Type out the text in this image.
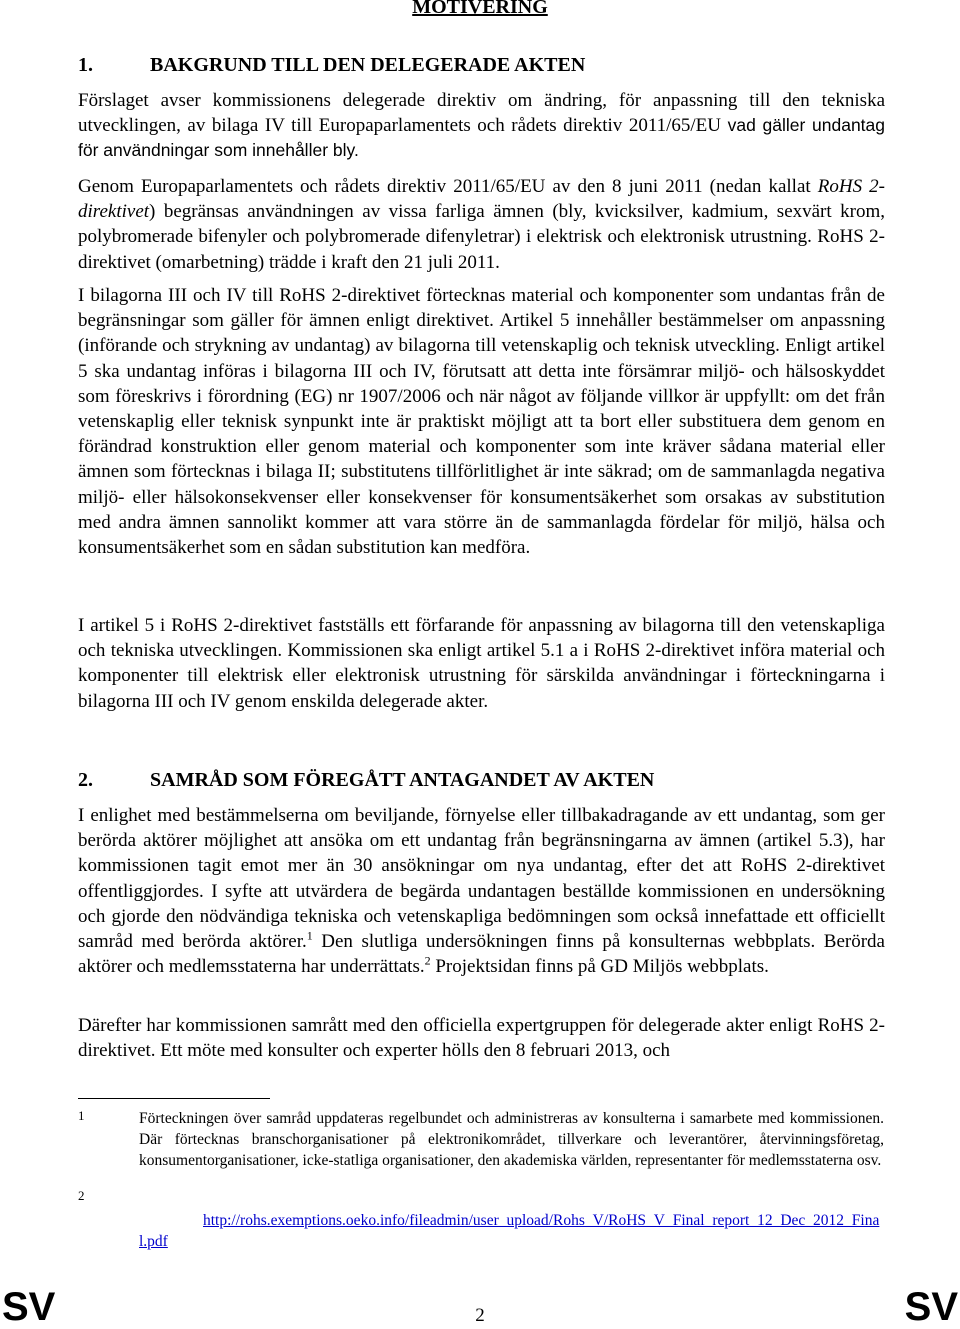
MOTIVERING
1.	BAKGRUND TILL DEN DELEGERADE AKTEN

Förslaget avser kommissionens delegerade direktiv om ändring, för anpassning till den tekniska utvecklingen, av bilaga IV till Europaparlamentets och rådets direktiv 2011/65/EU vad gäller undantag för användningar som innehåller bly.

Genom Europaparlamentets och rådets direktiv 2011/65/EU av den 8 juni 2011 (nedan kallat RoHS 2-direktivet) begränsas användningen av vissa farliga ämnen (bly, kvicksilver, kadmium, sexvärt krom, polybromerade bifenyler och polybromerade difenyletrar) i elektrisk och elektronisk utrustning. RoHS 2-direktivet (omarbetning) trädde i kraft den 21 juli 2011.

I bilagorna III och IV till RoHS 2-direktivet förtecknas material och komponenter som undantas från de begränsningar som gäller för ämnen enligt direktivet. Artikel 5 innehåller bestämmelser om anpassning (införande och strykning av undantag) av bilagorna till vetenskaplig och teknisk utveckling. Enligt artikel 5 ska undantag införas i bilagorna III och IV, förutsatt att detta inte försämrar miljö- och hälsoskyddet som föreskrivs i förordning (EG) nr 1907/2006 och när något av följande villkor är uppfyllt: om det från vetenskaplig eller teknisk synpunkt inte är praktiskt möjligt att ta bort eller substituera dem genom en förändrad konstruktion eller genom material och komponenter som inte kräver sådana material eller ämnen som förtecknas i bilaga II; substitutens tillförlitlighet är inte säkrad; om de sammanlagda negativa miljö- eller hälsokonsekvenser eller konsekvenser för konsumentsäkerhet som orsakas av substitution med andra ämnen sannolikt kommer att vara större än de sammanlagda fördelar för miljö, hälsa och konsumentsäkerhet som en sådan substitution kan medföra.

I artikel 5 i RoHS 2-direktivet fastställs ett förfarande för anpassning av bilagorna till den vetenskapliga och tekniska utvecklingen. Kommissionen ska enligt artikel 5.1 a i RoHS 2-direktivet införa material och komponenter till elektrisk eller elektronisk utrustning för särskilda användningar i förteckningarna i bilagorna III och IV genom enskilda delegerade akter.

2.	SAMRÅD SOM FÖREGÅTT ANTAGANDET AV AKTEN

I enlighet med bestämmelserna om beviljande, förnyelse eller tillbakadragande av ett undantag, som ger berörda aktörer möjlighet att ansöka om ett undantag från begränsningarna av ämnen (artikel 5.3), har kommissionen tagit emot mer än 30 ansökningar om nya undantag, efter det att RoHS 2-direktivet offentliggjordes. I syfte att utvärdera de begärda undantagen beställde kommissionen en undersökning och gjorde den nödvändiga tekniska och vetenskapliga bedömningen som också innefattade ett officiellt samråd med berörda aktörer.$^1$ Den slutliga undersökningen finns på konsulternas webbplats. Berörda aktörer och medlemsstaterna har underrättats.$^2$ Projektsidan finns på GD Miljös webbplats.

Därefter har kommissionen samrått med den officiella expertgruppen för delegerade akter enligt RoHS 2-direktivet. Ett möte med konsulter och experter hölls den 8 februari 2013, och

1	Förteckningen över samråd uppdateras regelbundet och administreras av konsulterna i samarbete med kommissionen. Där förtecknas branschorganisationer på elektronikområdet, tillverkare och leverantörer, återvinningsföretag, konsumentorganisationer, icke-statliga organisationer, den akademiska världen, representanter för medlemsstaterna osv.

2

http://rohs.exemptions.oeko.info/fileadmin/user_upload/Rohs_V/RoHS_V_Final_report_12_Dec_2012_Final.pdf

SV	2	SV
